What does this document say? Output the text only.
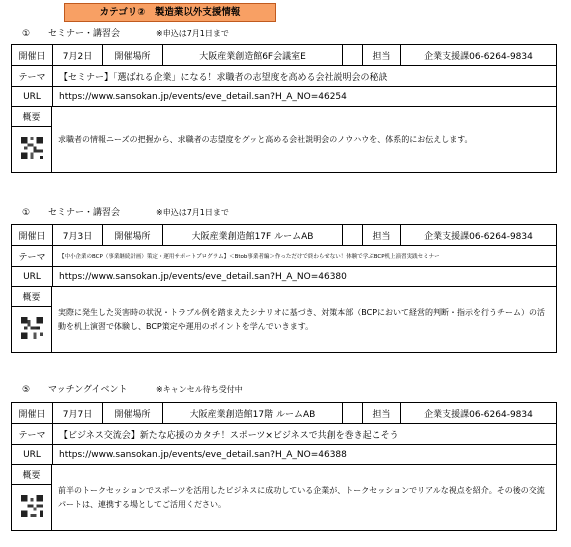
カテゴリ②　製造業以外支援情報
① セミナー・講習会	※申込は7月1日まで
開催日	7月2日	開催場所	大阪産業創造館6F会議室E	担当	企業支援課06-6264-9834
テーマ	【セミナー】「選ばれる企業」になる！求職者の志望度を高める会社説明会の秘訣
URL	https://www.sansokan.jp/events/eve_detail.san?H_A_NO=46254
概要
求職者の情報ニーズの把握から、求職者の志望度をグッと高める会社説明会のノウハウを、体系的にお伝えします。
① セミナー・講習会	※申込は7月1日まで
開催日	7月3日	開催場所	大阪産業創造館17F ルームAB	担当	企業支援課06-6264-9834
テーマ	【中小企業のBCP（事業継続計画）策定・運用サポートプログラム】＜Btob事業者編＞作っただけで終わらせない！体験で学ぶBCP机上演習実践セミナー
URL	https://www.sansokan.jp/events/eve_detail.san?H_A_NO=46380
概要
実際に発生した災害時の状況・トラブル例を踏まえたシナリオに基づき、対策本部（BCPにおいて経営的判断・指示を行うチーム）の活動を机上演習で体験し、BCP策定や運用のポイントを学んでいきます。
⑤ マッチングイベント	※キャンセル待ち受付中
開催日	7月7日	開催場所	大阪産業創造館17階 ルームAB	担当	企業支援課06-6264-9834
テーマ	【ビジネス交流会】新たな応援のカタチ！スポーツ×ビジネスで共創を巻き起こそう
URL	https://www.sansokan.jp/events/eve_detail.san?H_A_NO=46388
概要
前半のトークセッションでスポーツを活用したビジネスに成功している企業が、トークセッションでリアルな視点を紹介。その後の交流パートは、連携する場としてご活用ください。
